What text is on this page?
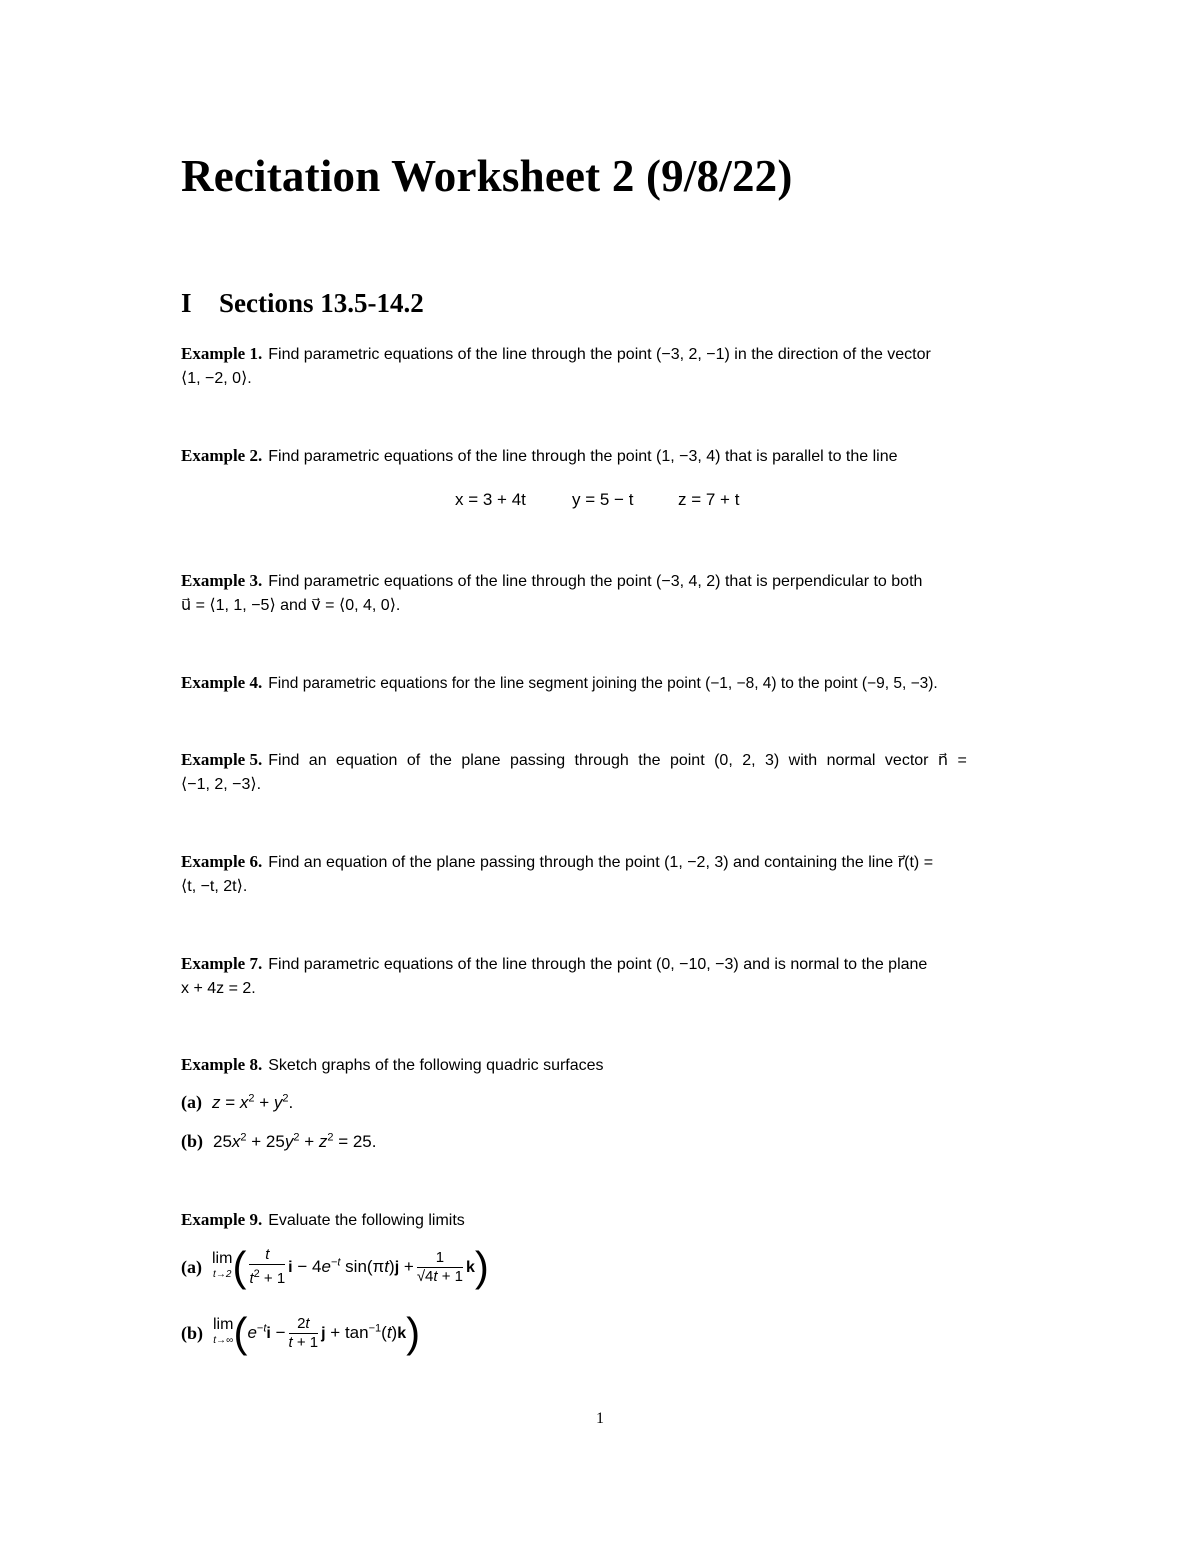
Recitation Worksheet 2 (9/8/22)
I Sections 13.5-14.2
Example 1. Find parametric equations of the line through the point (−3, 2, −1) in the direction of the vector
⟨1, −2, 0⟩.
Example 2. Find parametric equations of the line through the point (1, −3, 4) that is parallel to the line
x = 3 + 4t	y = 5 − t	z = 7 + t
Example 3. Find parametric equations of the line through the point (−3, 4, 2) that is perpendicular to both
u⃗ = ⟨1, 1, −5⟩ and v⃗ = ⟨0, 4, 0⟩.
Example 4. Find parametric equations for the line segment joining the point (−1, −8, 4) to the point (−9, 5, −3).
Example 5. Find an equation of the plane passing through the point (0, 2, 3) with normal vector n⃗ =
⟨−1, 2, −3⟩.
Example 6. Find an equation of the plane passing through the point (1, −2, 3) and containing the line r⃗(t) =
⟨t, −t, 2t⟩.
Example 7. Find parametric equations of the line through the point (0, −10, −3) and is normal to the plane
x + 4z = 2.
Example 8. Sketch graphs of the following quadric surfaces
(a) $z = x^2 + y^2$.
(b) $25x^2 + 25y^2 + z^2 = 25$.
Example 9. Evaluate the following limits
(a) lim
t→2 ( $\frac{t}{t^2 + 1}$ $i - 4e^{-t}$ $\sin(\pi t)j + \frac{1}{√4t + 1} k$)
(b) lim
t→∞ ($e^{-t}i - \frac{2t}{t + 1}$ $j + \tan^{-1}(t)k$)
1
